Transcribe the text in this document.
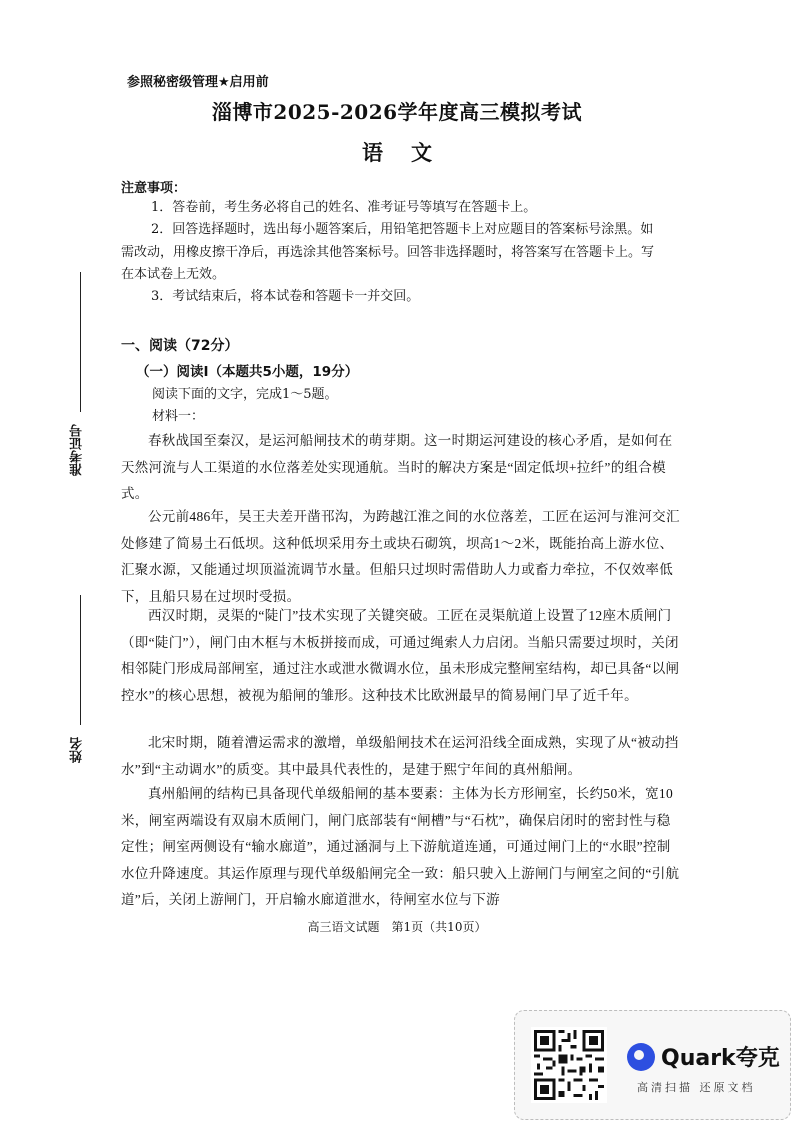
准考证号
姓名
参照秘密级管理★启用前
淄博市2025-2026学年度高三模拟考试
语文
注意事项：
1．答卷前，考生务必将自己的姓名、准考证号等填写在答题卡上。
2．回答选择题时，选出每小题答案后，用铅笔把答题卡上对应题目的答案标号涂黑。如需改动，用橡皮擦干净后，再选涂其他答案标号。回答非选择题时，将答案写在答题卡上。写在本试卷上无效。
3．考试结束后，将本试卷和答题卡一并交回。
一、阅读（72分）
（一）阅读Ⅰ（本题共5小题，19分）
阅读下面的文字，完成1～5题。
材料一：
春秋战国至秦汉，是运河船闸技术的萌芽期。这一时期运河建设的核心矛盾，是如何在天然河流与人工渠道的水位落差处实现通航。当时的解决方案是“固定低坝+拉纤”的组合模式。
公元前486年，吴王夫差开凿邗沟，为跨越江淮之间的水位落差，工匠在运河与淮河交汇处修建了简易土石低坝。这种低坝采用夯土或块石砌筑，坝高1～2米，既能抬高上游水位、汇聚水源，又能通过坝顶溢流调节水量。但船只过坝时需借助人力或畜力牵拉，不仅效率低下，且船只易在过坝时受损。
西汉时期，灵渠的“陡门”技术实现了关键突破。工匠在灵渠航道上设置了12座木质闸门（即“陡门”），闸门由木框与木板拼接而成，可通过绳索人力启闭。当船只需要过坝时，关闭相邻陡门形成局部闸室，通过注水或泄水微调水位，虽未形成完整闸室结构，却已具备“以闸控水”的核心思想，被视为船闸的雏形。这种技术比欧洲最早的简易闸门早了近千年。
北宋时期，随着漕运需求的激增，单级船闸技术在运河沿线全面成熟，实现了从“被动挡水”到“主动调水”的质变。其中最具代表性的，是建于熙宁年间的真州船闸。
真州船闸的结构已具备现代单级船闸的基本要素：主体为长方形闸室，长约50米，宽10米，闸室两端设有双扇木质闸门，闸门底部装有“闸槽”与“石枕”，确保启闭时的密封性与稳定性；闸室两侧设有“输水廊道”，通过涵洞与上下游航道连通，可通过闸门上的“水眼”控制水位升降速度。其运作原理与现代单级船闸完全一致：船只驶入上游闸门与闸室之间的“引航道”后，关闭上游闸门，开启输水廊道泄水，待闸室水位与下游
高三语文试题　第1页（共10页）
Quark夸克
高清扫描 还原文档
